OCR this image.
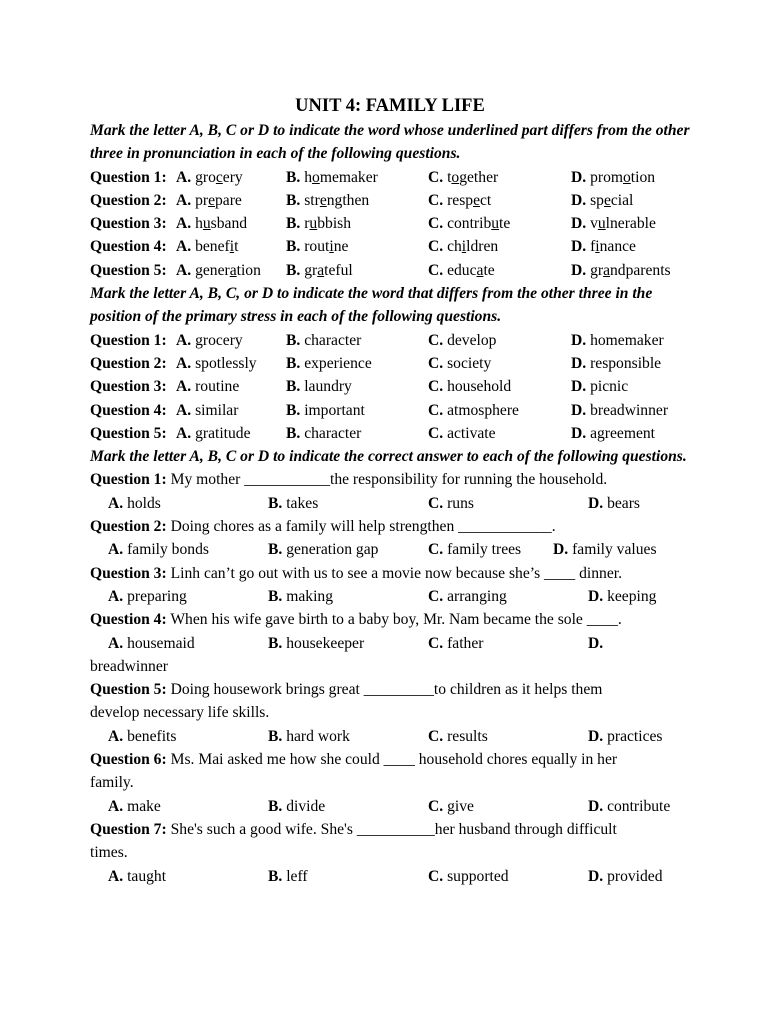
UNIT 4: FAMILY LIFE
Mark the letter A, B, C or D to indicate the word whose underlined part differs from the other three in pronunciation in each of the following questions.
Question 1: A. grocery	B. homemaker	C. together	D. promotion
Question 2: A. prepare	B. strengthen	C. respect	D. special
Question 3: A. husband B. rubbish	C. contribute	D. vulnerable
Question 4: A. benefit	B. routine	C. children	D. finance
Question 5: A. generation B. grateful	C. educate	D. grandparents
Mark the letter A, B, C, or D to indicate the word that differs from the other three in the position of the primary stress in each of the following questions.
Question 1: A. grocery	B. character	C. develop	D. homemaker
Question 2: A. spotlessly B. experience	C. society	D. responsible
Question 3: A. routine	B. laundry	C. household	D. picnic
Question 4: A. similar	B. important	C. atmosphere	D. breadwinner
Question 5: A. gratitude B. character	C. activate	D. agreement
Mark the letter A, B, C or D to indicate the correct answer to each of the following questions.
Question 1: My mother ___________the responsibility for running the household.
A. holds	B. takes	C. runs	D. bears
Question 2: Doing chores as a family will help strengthen ____________.
A. family bonds	B. generation gap	C. family trees D. family values
Question 3: Linh can’t go out with us to see a movie now because she’s ____ dinner.
A. preparing	B. making	C. arranging	D. keeping
Question 4: When his wife gave birth to a baby boy, Mr. Nam became the sole ____.
A. housemaid	B. housekeeper	C. father	D.
breadwinner
Question 5: Doing housework brings great _________to children as it helps them
develop necessary life skills.
A. benefits	B. hard work	C. results	D. practices
Question 6: Ms. Mai asked me how she could ____ household chores equally in her
family.
A. make	B. divide	C. give	D. contribute
Question 7: She's such a good wife. She's __________her husband through difficult
times.
A. taught	B. leff	C. supported	D. provided
